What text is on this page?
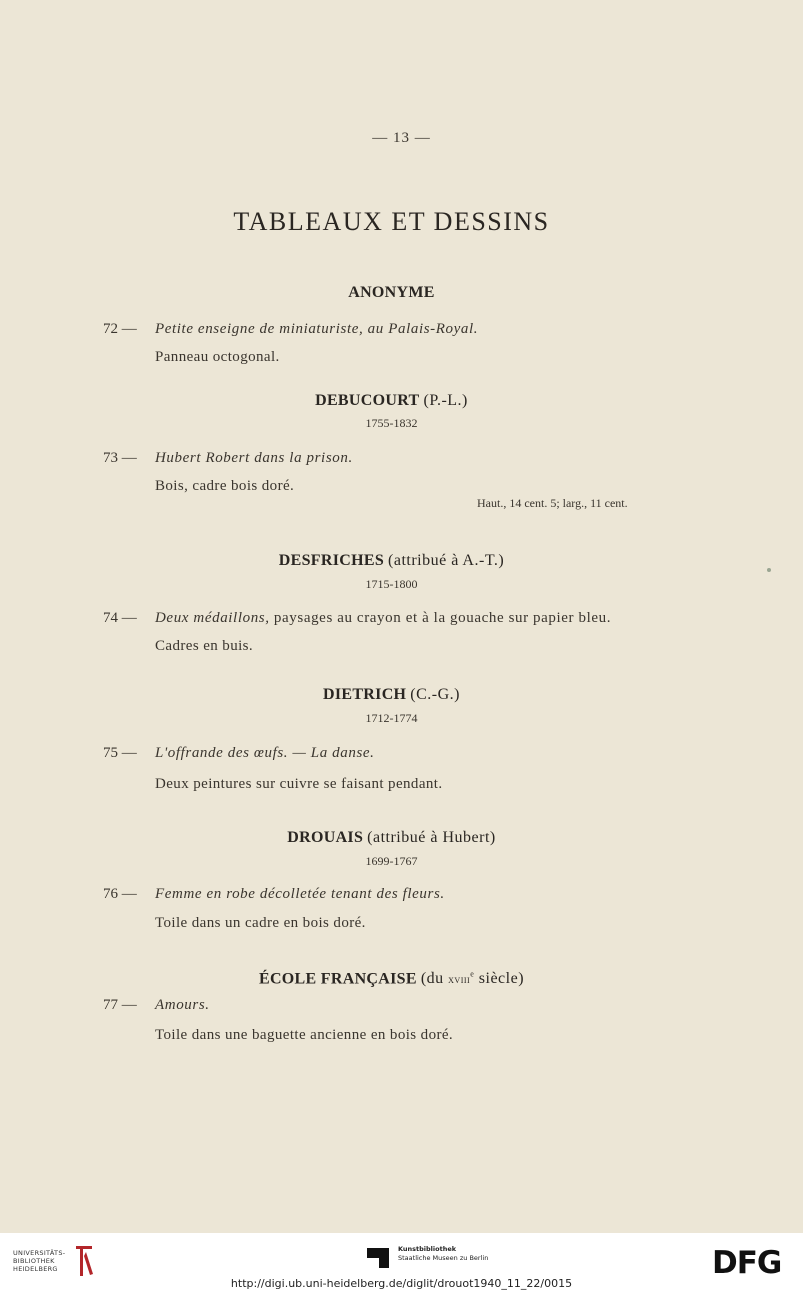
— 13 —
TABLEAUX ET DESSINS
ANONYME
72 — Petite enseigne de miniaturiste, au Palais-Royal.
Panneau octogonal.
DEBUCOURT (P.-L.)
1755-1832
73 — Hubert Robert dans la prison.
Bois, cadre bois doré.
Haut., 14 cent. 5; larg., 11 cent.
DESFRICHES (attribué à A.-T.)
1715-1800
74 — Deux médaillons, paysages au crayon et à la gouache sur papier bleu.
Cadres en buis.
DIETRICH (C.-G.)
1712-1774
75 — L'offrande des œufs. — La danse.
Deux peintures sur cuivre se faisant pendant.
DROUAIS (attribué à Hubert)
1699-1767
76 — Femme en robe décolletée tenant des fleurs.
Toile dans un cadre en bois doré.
ÉCOLE FRANÇAISE (du xviii$^e$ siècle)
77 — Amours.
Toile dans une baguette ancienne en bois doré.
UNIVERSITÄTS-
BIBLIOTHEK
HEIDELBERG
Kunstbibliothek
Staatliche Museen zu Berlin	DFG
http://digi.ub.uni-heidelberg.de/diglit/drouot1940_11_22/0015
